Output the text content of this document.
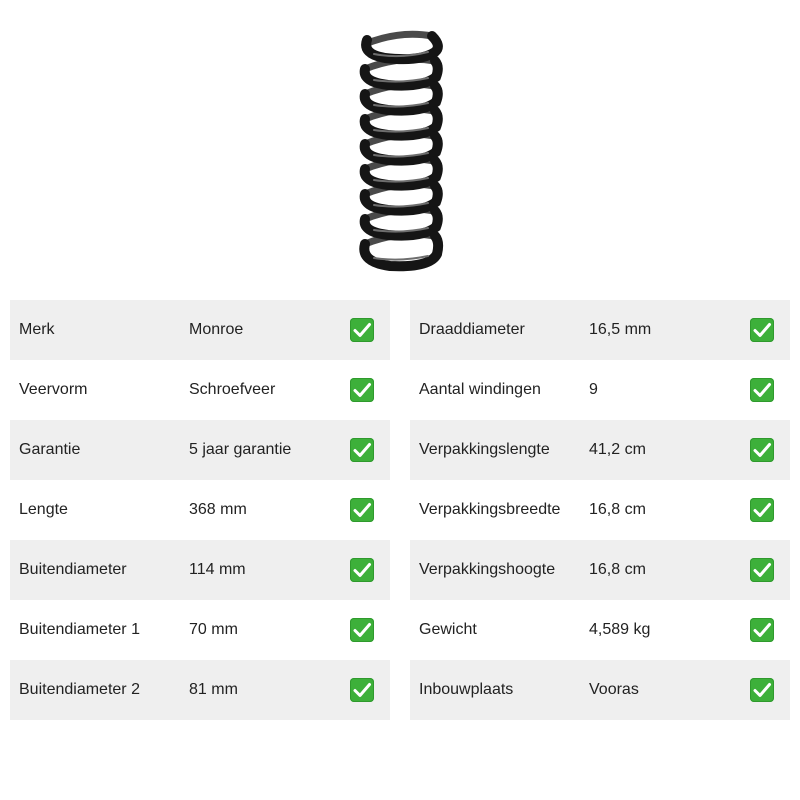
Merk	Monroe
Veervorm	Schroefveer
Garantie	5 jaar garantie
Lengte	368 mm
Buitendiameter	114 mm
Buitendiameter 1	70 mm
Buitendiameter 2	81 mm
Draaddiameter	16,5 mm
Aantal windingen	9
Verpakkingslengte 41,2 cm
Verpakkingsbreedte 16,8 cm
Verpakkingshoogte 16,8 cm
Gewicht	4,589 kg
Inbouwplaats	Vooras
